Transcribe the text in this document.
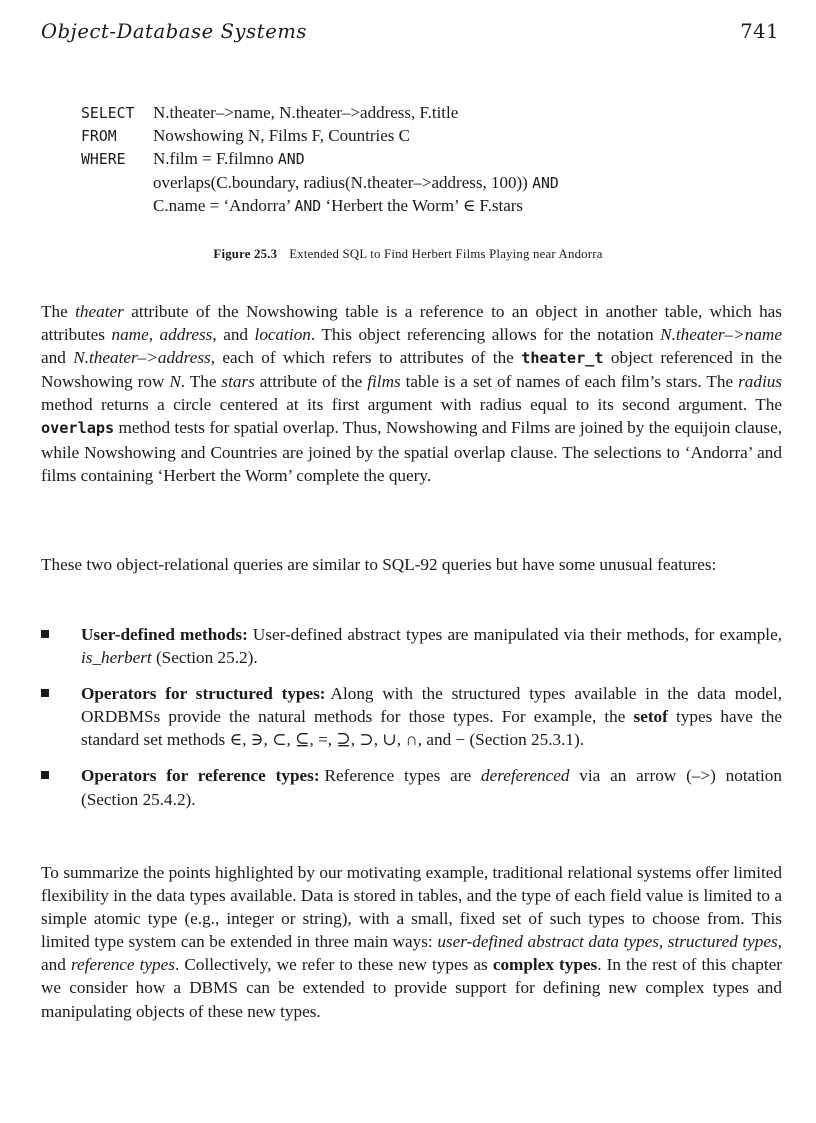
Object-Database Systems	741
SELECT N.theater–>name, N.theater–>address, F.title
FROM Nowshowing N, Films F, Countries C
WHERE N.film = F.filmno AND
overlaps(C.boundary, radius(N.theater–>address, 100)) AND
C.name = ‘Andorra’ AND ‘Herbert the Worm’ ∈ F.stars
Figure 25.3 Extended SQL to Find Herbert Films Playing near Andorra
The theater attribute of the Nowshowing table is a reference to an object in another table, which has attributes name, address, and location. This object referencing allows for the notation N.theater–>name and N.theater–>address, each of which refers to attributes of the theater_t object referenced in the Nowshowing row N. The stars attribute of the films table is a set of names of each film’s stars. The radius method returns a circle centered at its first argument with radius equal to its second argument. The overlaps method tests for spatial overlap. Thus, Nowshowing and Films are joined by the equijoin clause, while Nowshowing and Countries are joined by the spatial overlap clause. The selections to ‘Andorra’ and films containing ‘Herbert the Worm’ complete the query.
These two object-relational queries are similar to SQL-92 queries but have some unusual features:
User-defined methods: User-defined abstract types are manipulated via their methods, for example, is_herbert (Section 25.2).
Operators for structured types: Along with the structured types available in the data model, ORDBMSs provide the natural methods for those types. For example, the setof types have the standard set methods ∈, ∋, ⊂, ⊆, =, ⊇, ⊃, ∪, ∩, and − (Section 25.3.1).
Operators for reference types: Reference types are dereferenced via an arrow (–>) notation (Section 25.4.2).
To summarize the points highlighted by our motivating example, traditional relational systems offer limited flexibility in the data types available. Data is stored in tables, and the type of each field value is limited to a simple atomic type (e.g., integer or string), with a small, fixed set of such types to choose from. This limited type system can be extended in three main ways: user-defined abstract data types, structured types, and reference types. Collectively, we refer to these new types as complex types. In the rest of this chapter we consider how a DBMS can be extended to provide support for defining new complex types and manipulating objects of these new types.
